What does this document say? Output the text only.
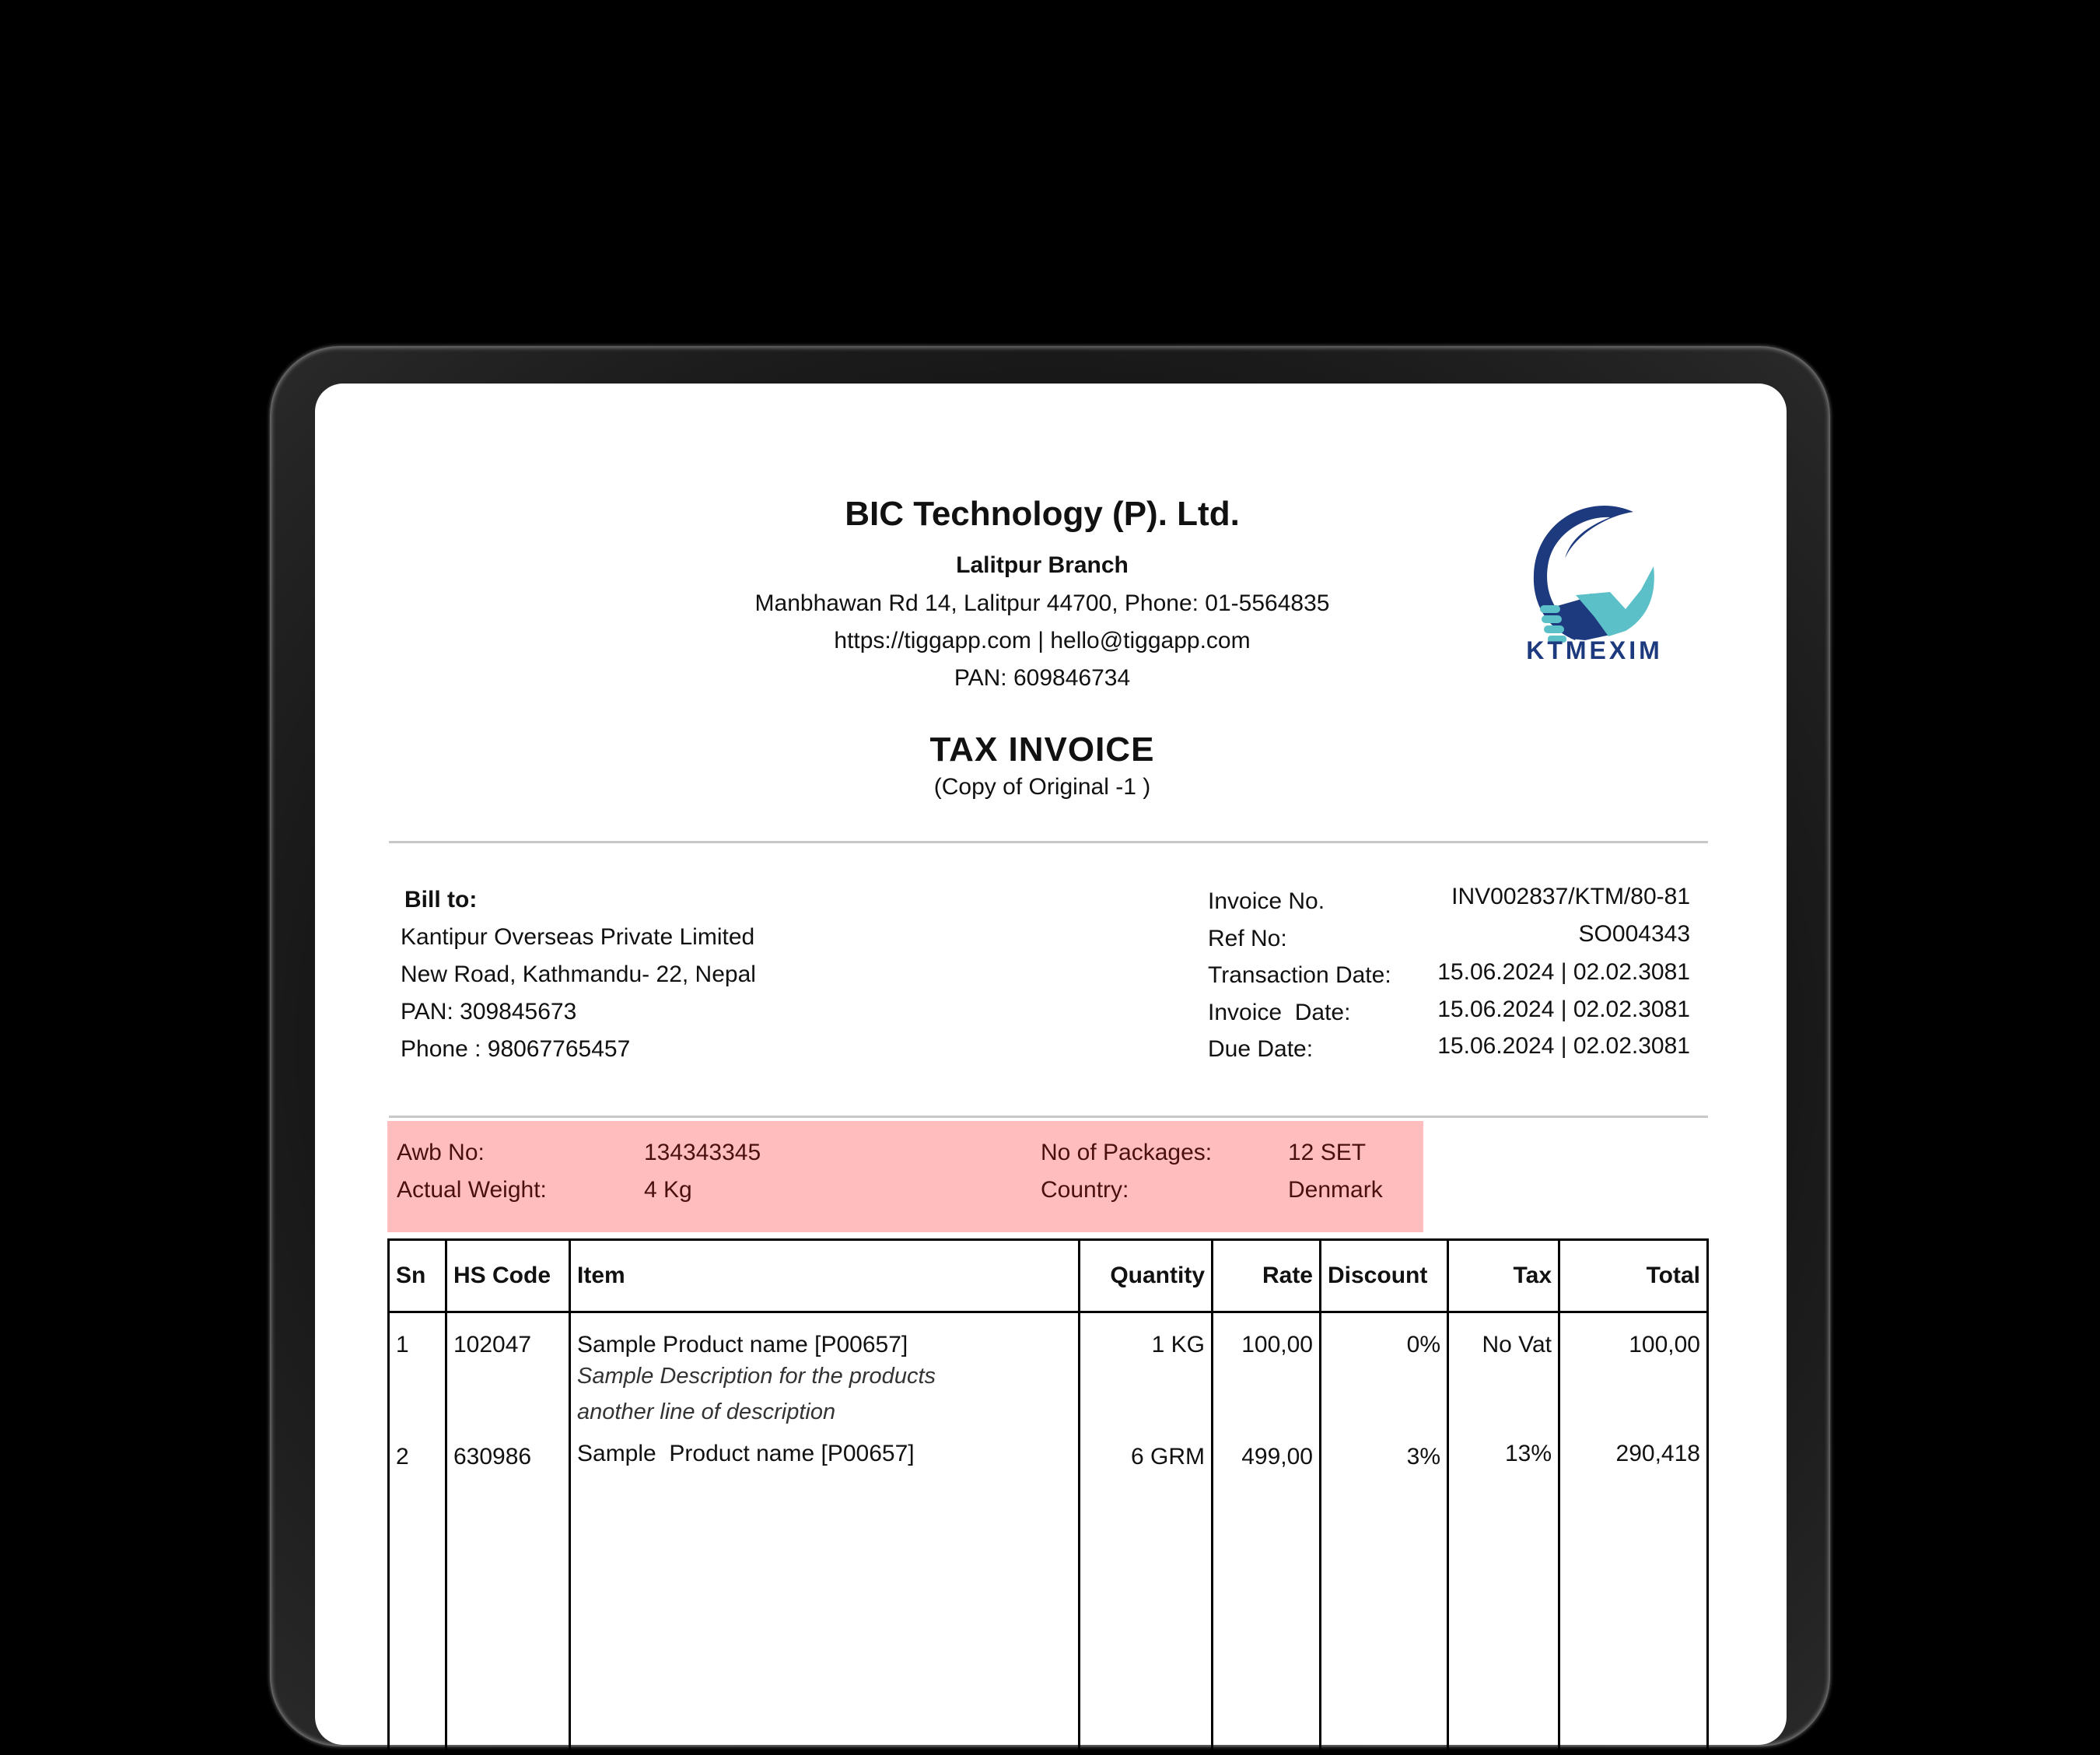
BIC Technology (P). Ltd.
Lalitpur Branch
Manbhawan Rd 14, Lalitpur 44700, Phone: 01-5564835
https://tiggapp.com | hello@tiggapp.com
PAN: 609846734
KTMEXIM
TAX INVOICE
(Copy of Original -1 )
Bill to:
Kantipur Overseas Private Limited
New Road, Kathmandu- 22, Nepal
PAN: 309845673
Phone : 98067765457
Invoice No.	INV002837/KTM/80-81
Ref No:	SO004343
Transaction Date: 15.06.2024 | 02.02.3081
Invoice  Date:	15.06.2024 | 02.02.3081
Due Date:	15.06.2024 | 02.02.3081
Awb No:	134343345	No of Packages:	12 SET
Actual Weight:	4 Kg	Country:	Denmark
Sn	HS Code	Item	Quantity	Rate	Discount	Tax	Total
1	102047	Sample Product name [P00657]
Sample Description for the products
another line of description	1 KG	100,00	0%	No Vat	100,00
2	630986	Sample  Product name [P00657]	6 GRM	499,00	3%	13%	290,418
